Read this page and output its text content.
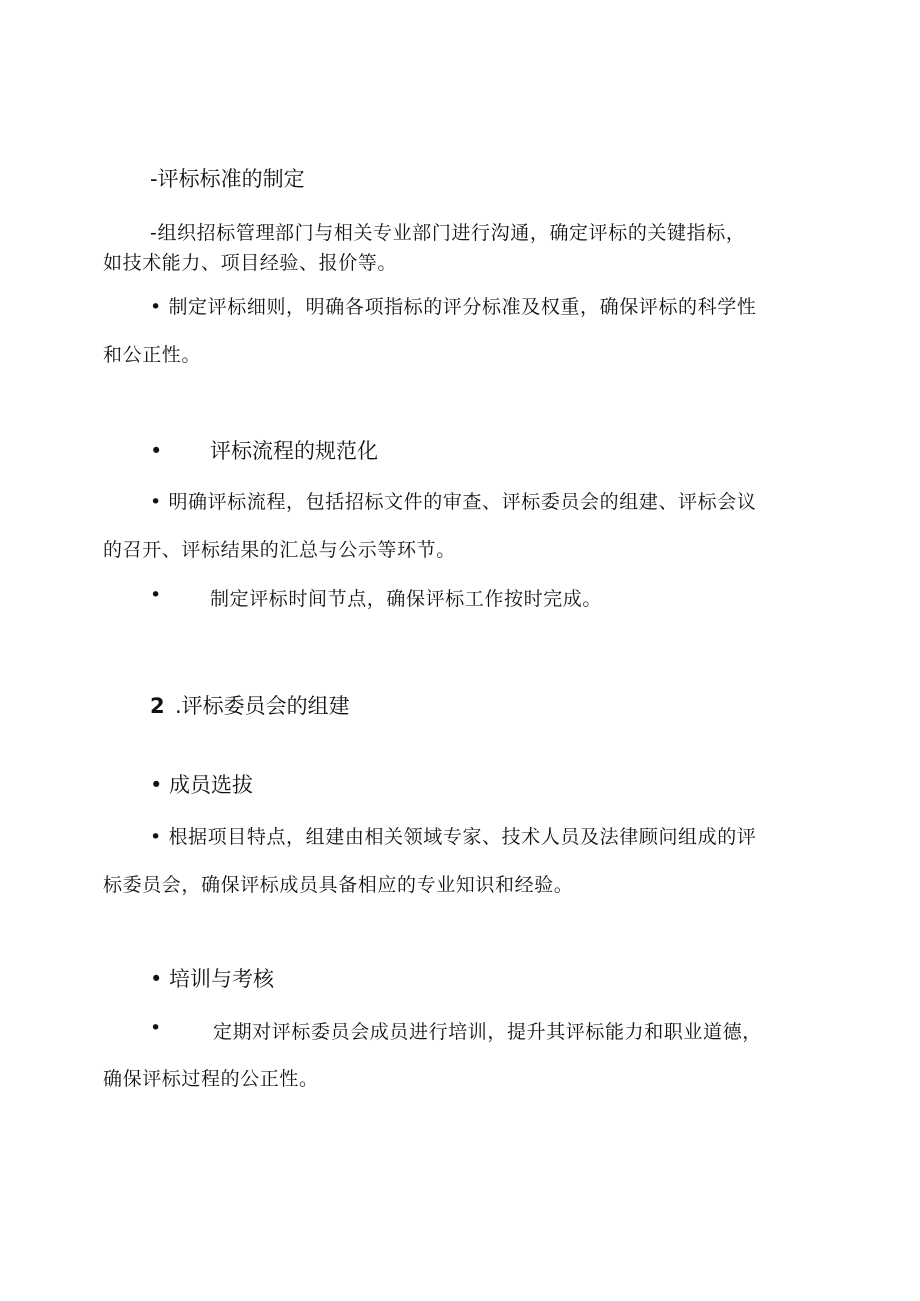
-评标标准的制定
-组织招标管理部门与相关专业部门进行沟通，确定评标的关键指标，
如技术能力、项目经验、报价等。
• 制定评标细则，明确各项指标的评分标准及权重，确保评标的科学性
和公正性。
• 评标流程的规范化
• 明确评标流程，包括招标文件的审查、评标委员会的组建、评标会议
的召开、评标结果的汇总与公示等环节。
•	制定评标时间节点，确保评标工作按时完成。
2 .评标委员会的组建
• 成员选拔
• 根据项目特点，组建由相关领域专家、技术人员及法律顾问组成的评
标委员会，确保评标成员具备相应的专业知识和经验。
• 培训与考核
•	定期对评标委员会成员进行培训，提升其评标能力和职业道德，
确保评标过程的公正性。
